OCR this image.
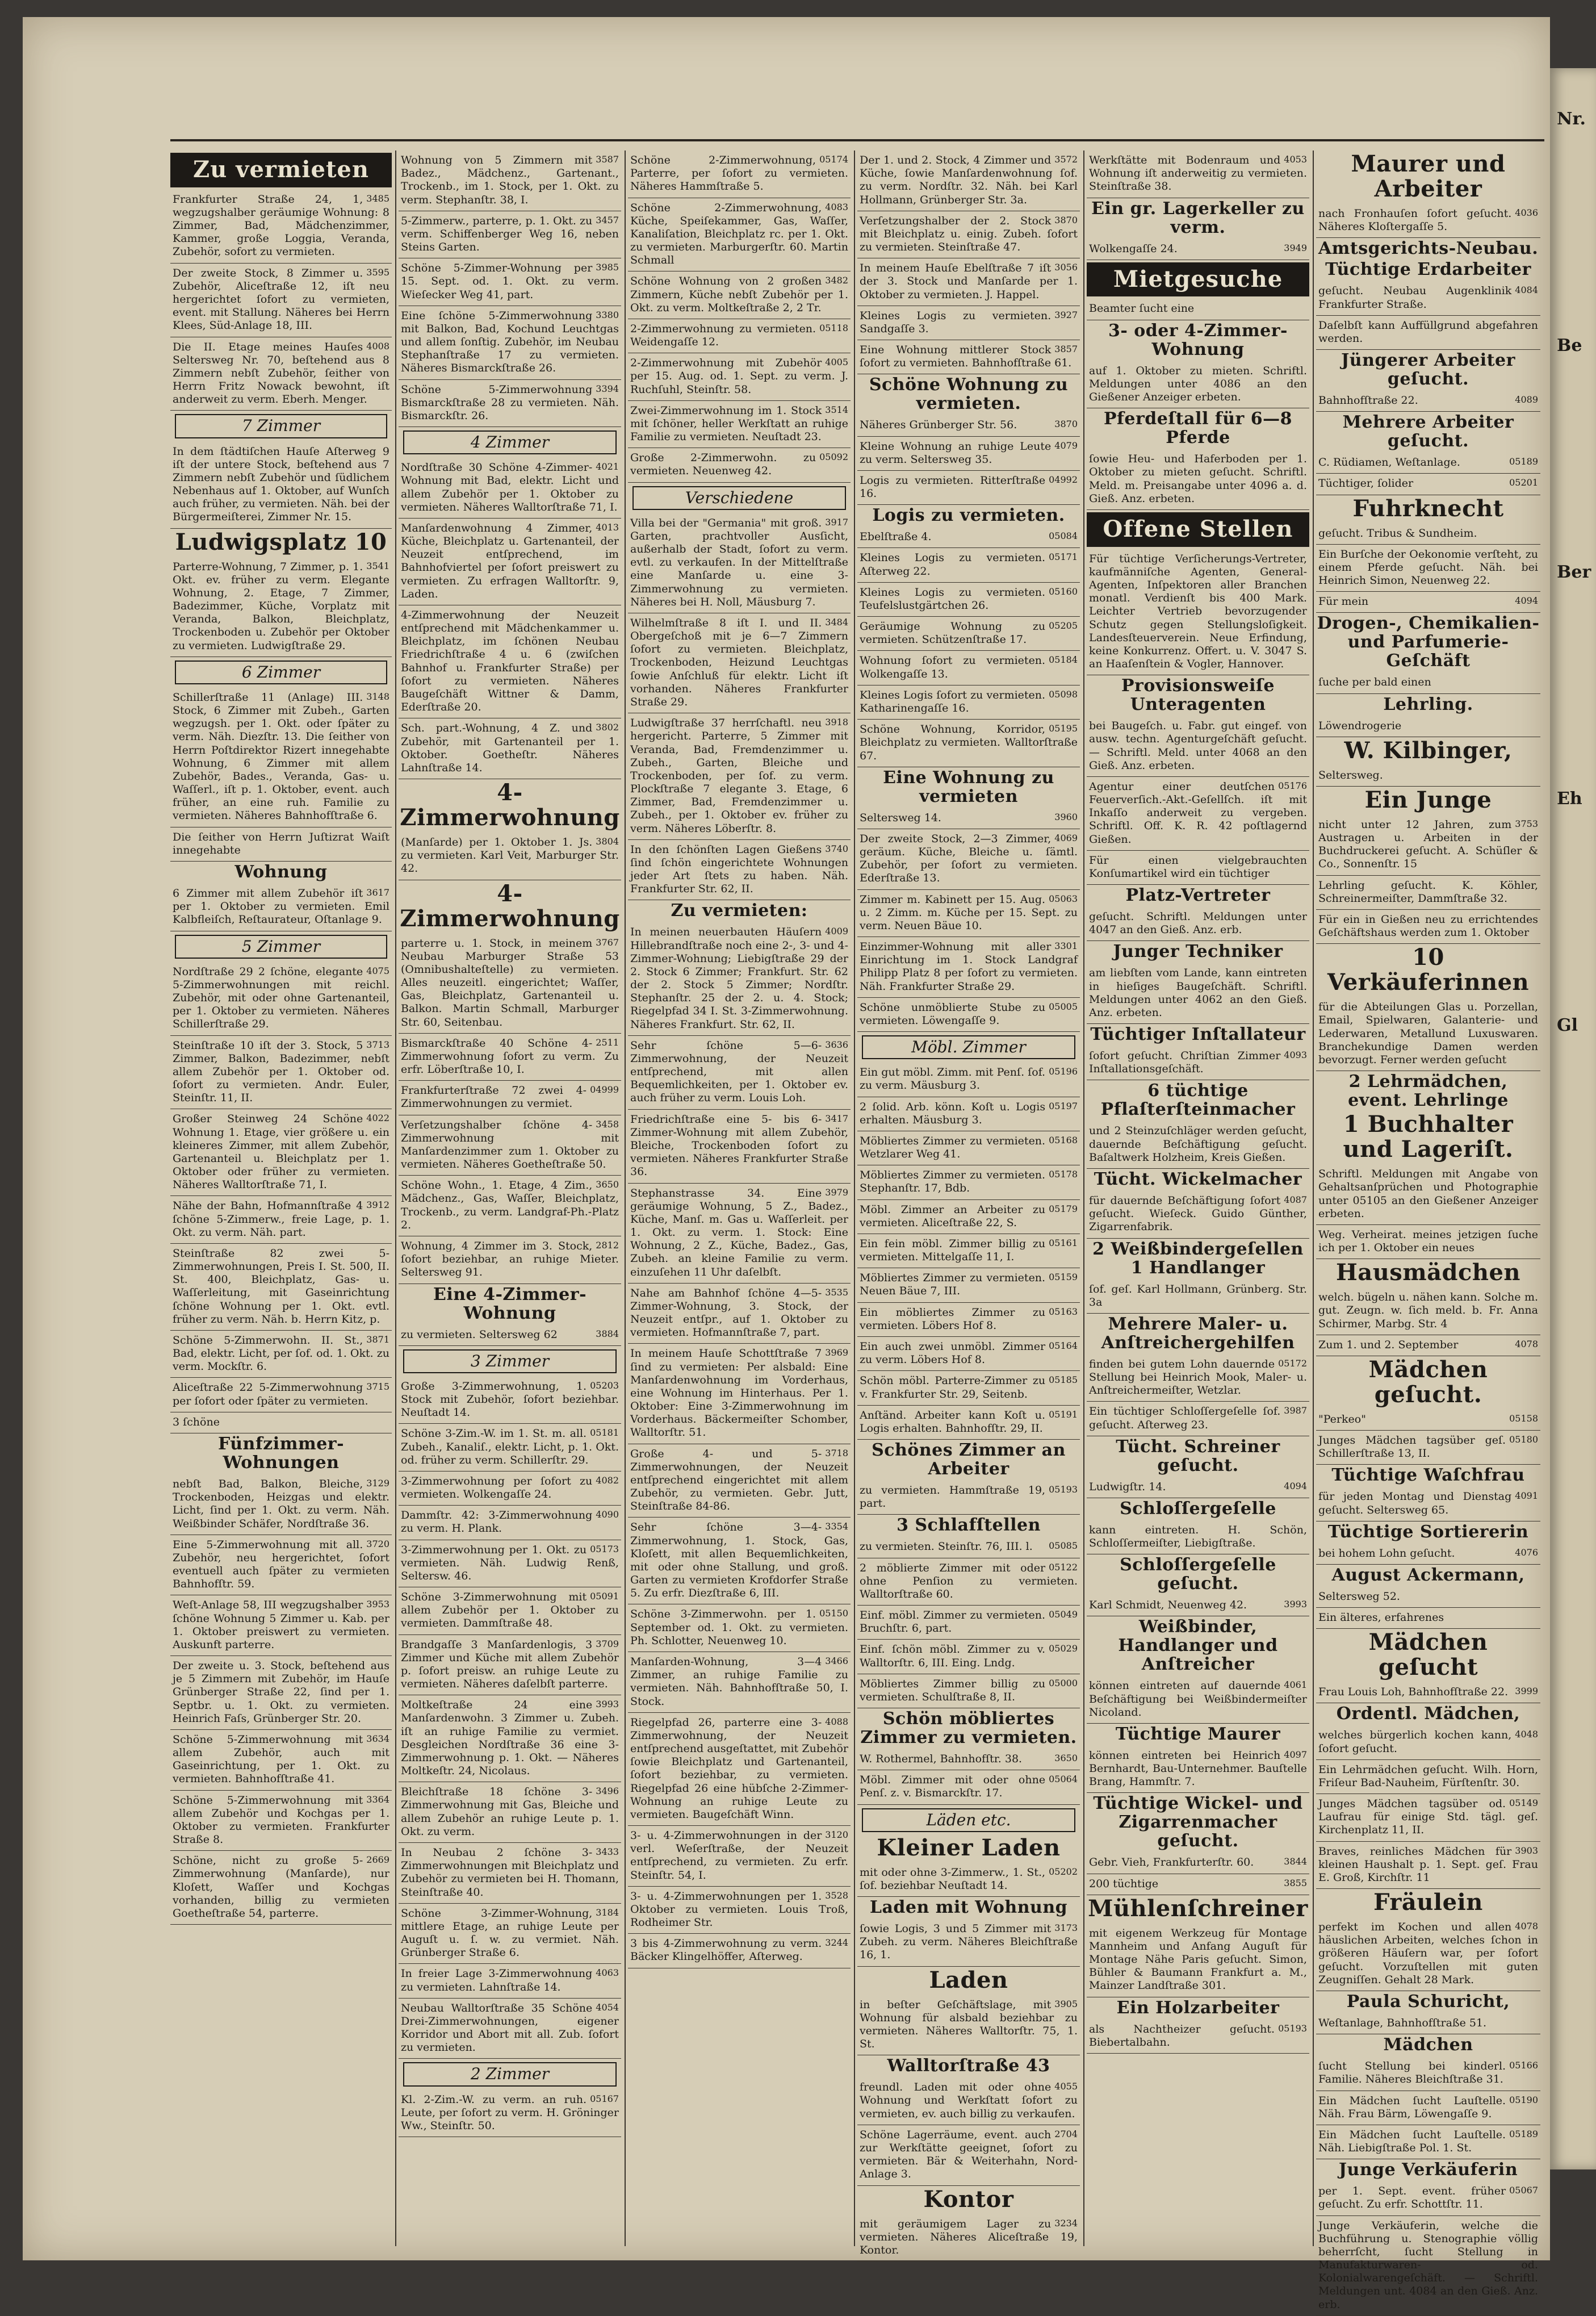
Zu vermieten
3485
Frankfurter Straße 24, 1, wegzugshalber geräumige Wohnung: 8 Zimmer, Bad, Mädchenzimmer, Kammer, große Loggia, Veranda, Zubehör, sofort zu vermieten.
3595
Der zweite Stock, 8 Zimmer u. Zubehör, Aliceſtraße 12, iſt neu hergerichtet ſofort zu vermieten, event. mit Stallung. Näheres bei Herrn Klees, Süd-Anlage 18, III.
4008
Die II. Etage meines Hauſes Seltersweg Nr. 70, beſtehend aus 8 Zimmern nebſt Zubehör, ſeither von Herrn Fritz Nowack bewohnt, iſt anderweit zu verm. Eberh. Menger.
7 Zimmer
In dem ſtädtiſchen Hauſe Aſterweg 9 iſt der untere Stock, beſtehend aus 7 Zimmern nebſt Zubehör und ſüdlichem Nebenhaus auf 1. Oktober, auf Wunſch auch früher, zu vermieten. Näh. bei der Bürgermeiſterei, Zimmer Nr. 15.
Ludwigsplatz 10
3541
Parterre-Wohnung, 7 Zimmer, p. 1. Okt. ev. früher zu verm. Elegante Wohnung, 2. Etage, 7 Zimmer, Badezimmer, Küche, Vorplatz mit Veranda, Balkon, Bleichplatz, Trockenboden u. Zubehör per Oktober zu vermieten. Ludwigſtraße 29.
6 Zimmer
3148
Schillerſtraße 11 (Anlage) III. Stock, 6 Zimmer mit Zubeh., Garten wegzugsh. per 1. Okt. oder ſpäter zu verm. Näh. Diezſtr. 13. Die ſeither von Herrn Poſtdirektor Rizert innegehabte Wohnung, 6 Zimmer mit allem Zubehör, Bades., Veranda, Gas- u. Waſſerl., iſt p. 1. Oktober, event. auch früher, an eine ruh. Familie zu vermieten. Näheres Bahnhofſtraße 6.
Die ſeither von Herrn Juſtizrat Waiſt innegehabte
Wohnung
3617
6 Zimmer mit allem Zubehör iſt per 1. Oktober zu vermieten. Emil Kalbfleiſch, Reſtaurateur, Oſtanlage 9.
5 Zimmer
4075
Nordſtraße 29 2 ſchöne, elegante 5-Zimmerwohnungen mit reichl. Zubehör, mit oder ohne Gartenanteil, per 1. Oktober zu vermieten. Näheres Schillerſtraße 29.
3713
Steinſtraße 10 iſt der 3. Stock, 5 Zimmer, Balkon, Badezimmer, nebſt allem Zubehör per 1. Oktober od. ſofort zu vermieten. Andr. Euler, Steinſtr. 11, II.
4022
Großer Steinweg 24 Schöne Wohnung 1. Etage, vier größere u. ein kleineres Zimmer, mit allem Zubehör, Gartenanteil u. Bleichplatz per 1. Oktober oder früher zu vermieten. Näheres Walltorſtraße 71, I.
3912
Nähe der Bahn, Hofmannſtraße 4 ſchöne 5-Zimmerw., freie Lage, p. 1. Okt. zu verm. Näh. part.
Steinſtraße 82 zwei 5-Zimmerwohnungen, Preis I. St. 500, II. St. 400, Bleichplatz, Gas- u. Waſſerleitung, mit Gaseinrichtung ſchöne Wohnung per 1. Okt. evtl. früher zu verm. Näh. b. Herrn Kitz, p.
3871
Schöne 5-Zimmerwohn. II. St., Bad, elektr. Licht, per ſof. od. 1. Okt. zu verm. Mockſtr. 6.
3715
Aliceſtraße 22 5-Zimmerwohnung per ſofort oder ſpäter zu vermieten.
3 ſchöne
Fünfzimmer-Wohnungen
3129
nebſt Bad, Balkon, Bleiche, Trockenboden, Heizgas und elektr. Licht, ſind per 1. Okt. zu verm. Näh. Weißbinder Schäfer, Nordſtraße 36.
3720
Eine 5-Zimmerwohnung mit all. Zubehör, neu hergerichtet, ſofort eventuell auch ſpäter zu vermieten Bahnhofſtr. 59.
3953
Weſt-Anlage 58, III wegzugshalber ſchöne Wohnung 5 Zimmer u. Kab. per 1. Oktober preiswert zu vermieten. Auskunft parterre.
Der zweite u. 3. Stock, beſtehend aus je 5 Zimmern mit Zubehör, im Hauſe Grünberger Straße 22, ſind per 1. Septbr. u. 1. Okt. zu vermieten. Heinrich Faſs, Grünberger Str. 20.
3634
Schöne 5-Zimmerwohnung mit allem Zubehör, auch mit Gaseinrichtung, per 1. Okt. zu vermieten. Bahnhofſtraße 41.
3364
Schöne 5-Zimmerwohnung mit allem Zubehör und Kochgas per 1. Oktober zu vermieten. Frankfurter Straße 8.
2669
Schöne, nicht zu große 5-Zimmerwohnung (Manſarde), nur Kloſett, Waſſer und Kochgas vorhanden, billig zu vermieten Goetheſtraße 54, parterre.
3587
Wohnung von 5 Zimmern mit Badez., Mädchenz., Gartenant., Trockenb., im 1. Stock, per 1. Okt. zu verm. Stephanſtr. 38, I.
3457
5-Zimmerw., parterre, p. 1. Okt. zu verm. Schiffenberger Weg 16, neben Steins Garten.
3985
Schöne 5-Zimmer-Wohnung per 15. Sept. od. 1. Okt. zu verm. Wieſecker Weg 41, part.
3380
Eine ſchöne 5-Zimmerwohnung mit Balkon, Bad, Kochund Leuchtgas und allem ſonſtig. Zubehör, im Neubau Stephanſtraße 17 zu vermieten. Näheres Bismarckſtraße 26.
3394
Schöne 5-Zimmerwohnung Bismarckſtraße 28 zu vermieten. Näh. Bismarckſtr. 26.
4 Zimmer
4021
Nordſtraße 30 Schöne 4-Zimmer-Wohnung mit Bad, elektr. Licht und allem Zubehör per 1. Oktober zu vermieten. Näheres Walltorſtraße 71, I.
4013
Manſardenwohnung 4 Zimmer, Küche, Bleichplatz u. Gartenanteil, der Neuzeit entſprechend, im Bahnhofviertel per ſofort preiswert zu vermieten. Zu erfragen Walltorſtr. 9, Laden.
4-Zimmerwohnung der Neuzeit entſprechend mit Mädchenkammer u. Bleichplatz, im ſchönen Neubau Friedrichſtraße 4 u. 6 (zwiſchen Bahnhof u. Frankfurter Straße) per ſofort zu vermieten. Näheres Baugeſchäft Wittner & Damm, Ederſtraße 20.
3802
Sch. part.-Wohnung, 4 Z. und Zubehör, mit Gartenanteil per 1. Oktober. Goetheſtr. Näheres Lahnſtraße 14.
4-Zimmerwohnung
3804
(Manſarde) per 1. Oktober 1. Js. zu vermieten. Karl Veit, Marburger Str. 42.
4-Zimmerwohnung
3767
parterre u. 1. Stock, in meinem Neubau Marburger Straße 53 (Omnibushalteſtelle) zu vermieten. Alles neuzeitl. eingerichtet; Waſſer, Gas, Bleichplatz, Gartenanteil u. Balkon. Martin Schmall, Marburger Str. 60, Seitenbau.
2511
Bismarckſtraße 40 Schöne 4-Zimmerwohnung ſofort zu verm. Zu erfr. Löberſtraße 10, I.
04999
Frankfurterſtraße 72 zwei 4-Zimmerwohnungen zu vermiet.
3458
Verſetzungshalber ſchöne 4-Zimmerwohnung mit Manſardenzimmer zum 1. Oktober zu vermieten. Näheres Goetheſtraße 50.
3650
Schöne Wohn., 1. Etage, 4 Zim., Mädchenz., Gas, Waſſer, Bleichplatz, Trockenb., zu verm. Landgraf-Ph.-Platz 2.
2812
Wohnung, 4 Zimmer im 3. Stock, ſofort beziehbar, an ruhige Mieter. Seltersweg 91.
Eine 4-Zimmer-Wohnung
3884
zu vermieten. Seltersweg 62
3 Zimmer
05203
Große 3-Zimmerwohnung, 1. Stock mit Zubehör, ſofort beziehbar. Neuſtadt 14.
05181
Schöne 3-Zim.-W. im 1. St. m. all. Zubeh., Kanaliſ., elektr. Licht, p. 1. Okt. od. früher zu verm. Schillerſtr. 29.
4082
3-Zimmerwohnung per ſofort zu vermieten. Wolkengaſſe 24.
4090
Dammſtr. 42: 3-Zimmerwohnung zu verm. H. Plank.
05173
3-Zimmerwohnung per 1. Okt. zu vermieten. Näh. Ludwig Renß, Seltersw. 46.
05091
Schöne 3-Zimmerwohnung mit allem Zubehör per 1. Oktober zu vermieten. Dammſtraße 48.
3709
Brandgaſſe 3 Manſardenlogis, 3 Zimmer und Küche mit allem Zubehör p. ſofort preisw. an ruhige Leute zu vermieten. Näheres daſelbſt parterre.
3993
Moltkeſtraße 24 eine Manſardenwohn. 3 Zimmer u. Zubeh. iſt an ruhige Familie zu vermiet. Desgleichen Nordſtraße 36 eine 3-Zimmerwohnung p. 1. Okt. — Näheres Moltkeſtr. 24, Nicolaus.
3496
Bleichſtraße 18 ſchöne 3-Zimmerwohnung mit Gas, Bleiche und allem Zubehör an ruhige Leute p. 1. Okt. zu verm.
3433
In Neubau 2 ſchöne 3-Zimmerwohnungen mit Bleichplatz und Zubehör zu vermieten bei H. Thomann, Steinſtraße 40.
3184
Schöne 3-Zimmer-Wohnung, mittlere Etage, an ruhige Leute per Auguſt u. ſ. w. zu vermiet. Näh. Grünberger Straße 6.
4063
In freier Lage 3-Zimmerwohnung zu vermieten. Lahnſtraße 14.
4054
Neubau Walltorſtraße 35 Schöne Drei-Zimmerwohnungen, eigener Korridor und Abort mit all. Zub. ſofort zu vermieten.
2 Zimmer
05167
Kl. 2-Zim.-W. zu verm. an ruh. Leute, per ſofort zu verm. H. Gröninger Ww., Steinſtr. 50.
05174
Schöne 2-Zimmerwohnung, Parterre, per ſofort zu vermieten. Näheres Hammſtraße 5.
4083
Schöne 2-Zimmerwohnung, Küche, Speiſekammer, Gas, Waſſer, Kanaliſation, Bleichplatz rc. per 1. Okt. zu vermieten. Marburgerſtr. 60. Martin Schmall
3482
Schöne Wohnung von 2 großen Zimmern, Küche nebſt Zubehör per 1. Okt. zu verm. Moltkeſtraße 2, 2 Tr.
05118
2-Zimmerwohnung zu vermieten. Weidengaſſe 12.
4005
2-Zimmerwohnung mit Zubehör per 15. Aug. od. 1. Sept. zu verm. J. Ruchſuhl, Steinſtr. 58.
3514
Zwei-Zimmerwohnung im 1. Stock mit ſchöner, heller Werkſtatt an ruhige Familie zu vermieten. Neuſtadt 23.
05092
Große 2-Zimmerwohn. zu vermieten. Neuenweg 42.
Verschiedene
3917
Villa bei der "Germania" mit groß. Garten, prachtvoller Ausſicht, außerhalb der Stadt, ſofort zu verm. evtl. zu verkaufen. In der Mittelſtraße eine Manſarde u. eine 3-Zimmerwohnung zu vermieten. Näheres bei H. Noll, Mäusburg 7.
3484
Wilhelmſtraße 8 iſt I. und II. Obergeſchoß mit je 6—7 Zimmern ſofort zu vermieten. Bleichplatz, Trockenboden, Heizund Leuchtgas ſowie Anſchluß für elektr. Licht iſt vorhanden. Näheres Frankfurter Straße 29.
3918
Ludwigſtraße 37 herrſchaftl. neu hergericht. Parterre, 5 Zimmer mit Veranda, Bad, Fremdenzimmer u. Zubeh., Garten, Bleiche und Trockenboden, per ſof. zu verm. Plockſtraße 7 elegante 3. Etage, 6 Zimmer, Bad, Fremdenzimmer u. Zubeh., per 1. Oktober ev. früher zu verm. Näheres Löberſtr. 8.
3740
In den ſchönſten Lagen Gießens ſind ſchön eingerichtete Wohnungen jeder Art ſtets zu haben. Näh. Frankfurter Str. 62, II.
Zu vermieten:
4009
In meinen neuerbauten Häuſern Hillebrandſtraße noch eine 2-, 3- und 4-Zimmer-Wohnung; Liebigſtraße 29 der 2. Stock 6 Zimmer; Frankfurt. Str. 62 der 2. Stock 5 Zimmer; Nordſtr. Stephanſtr. 25 der 2. u. 4. Stock; Riegelpfad 34 I. St. 3-Zimmerwohnung. Näheres Frankfurt. Str. 62, II.
3636
Sehr ſchöne 5—6-Zimmerwohnung, der Neuzeit entſprechend, mit allen Bequemlichkeiten, per 1. Oktober ev. auch früher zu verm. Louis Loh.
3417
Friedrichſtraße eine 5- bis 6-Zimmer-Wohnung mit allem Zubehör, Bleiche, Trockenboden ſofort zu vermieten. Näheres Frankfurter Straße 36.
3979
Stephanstrasse 34. Eine geräumige Wohnung, 5 Z., Badez., Küche, Manſ. m. Gas u. Waſſerleit. per 1. Okt. zu verm. 1. Stock: Eine Wohnung, 2 Z., Küche, Badez., Gas, Zubeh. an kleine Familie zu verm. einzuſehen 11 Uhr daſelbſt.
3535
Nahe am Bahnhof ſchöne 4—5-Zimmer-Wohnung, 3. Stock, der Neuzeit entſpr., auf 1. Oktober zu vermieten. Hofmannſtraße 7, part.
3969
In meinem Hauſe Schottſtraße 7 ſind zu vermieten: Per alsbald: Eine Manſardenwohnung im Vorderhaus, eine Wohnung im Hinterhaus. Per 1. Oktober: Eine 3-Zimmerwohnung im Vorderhaus. Bäckermeiſter Schomber, Walltorſtr. 51.
3718
Große 4- und 5-Zimmerwohnungen, der Neuzeit entſprechend eingerichtet mit allem Zubehör, zu vermieten. Gebr. Jutt, Steinſtraße 84-86.
3354
Sehr ſchöne 3—4-Zimmerwohnung, 1. Stock, Gas, Kloſett, mit allen Bequemlichkeiten, mit oder ohne Stallung, und groß. Garten zu vermieten Krofdorfer Straße 5. Zu erfr. Diezſtraße 6, III.
05150
Schöne 3-Zimmerwohn. per 1. September od. 1. Okt. zu vermieten. Ph. Schlotter, Neuenweg 10.
3466
Manſarden-Wohnung, 3—4 Zimmer, an ruhige Familie zu vermieten. Näh. Bahnhofſtraße 50, I. Stock.
4088
Riegelpfad 26, parterre eine 3-Zimmerwohnung, der Neuzeit entſprechend ausgeſtattet, mit Zubehör ſowie Bleichplatz und Gartenanteil, ſofort beziehbar, zu vermieten. Riegelpfad 26 eine hübſche 2-Zimmer-Wohnung an ruhige Leute zu vermieten. Baugeſchäft Winn.
3120
3- u. 4-Zimmerwohnungen in der verl. Weſerſtraße, der Neuzeit entſprechend, zu vermieten. Zu erfr. Steinſtr. 54, I.
3528
3- u. 4-Zimmerwohnungen per 1. Oktober zu vermieten. Louis Troß, Rodheimer Str.
3244
3 bis 4-Zimmerwohnung zu verm. Bäcker Klingelhöffer, Aſterweg.
3572
Der 1. und 2. Stock, 4 Zimmer und Küche, ſowie Manſardenwohnung ſof. zu verm. Nordſtr. 32. Näh. bei Karl Hollmann, Grünberger Str. 3a.
3870
Verſetzungshalber der 2. Stock mit Bleichplatz u. einig. Zubeh. ſofort zu vermieten. Steinſtraße 47.
3056
In meinem Hauſe Ebelſtraße 7 iſt der 3. Stock und Manſarde per 1. Oktober zu vermieten. J. Happel.
3927
Kleines Logis zu vermieten. Sandgaſſe 3.
3857
Eine Wohnung mittlerer Stock ſofort zu vermieten. Bahnhofſtraße 61.
Schöne Wohnung zu vermieten.
3870
Näheres Grünberger Str. 56.
4079
Kleine Wohnung an ruhige Leute zu verm. Seltersweg 35.
04992
Logis zu vermieten. Ritterſtraße 16.
Logis zu vermieten.
05084
Ebelſtraße 4.
05171
Kleines Logis zu vermieten. Aſterweg 22.
05160
Kleines Logis zu vermieten. Teufelslustgärtchen 26.
05205
Geräumige Wohnung zu vermieten. Schützenſtraße 17.
05184
Wohnung ſofort zu vermieten. Wolkengaſſe 13.
05098
Kleines Logis ſofort zu vermieten. Katharinengaſſe 16.
05195
Schöne Wohnung, Korridor, Bleichplatz zu vermieten. Walltorſtraße 67.
Eine Wohnung zu vermieten
3960
Seltersweg 14.
4069
Der zweite Stock, 2—3 Zimmer, geräum. Küche, Bleiche u. ſämtl. Zubehör, per ſofort zu vermieten. Ederſtraße 13.
05063
Zimmer m. Kabinett per 15. Aug. u. 2 Zimm. m. Küche per 15. Sept. zu verm. Neuen Bäue 10.
3301
Einzimmer-Wohnung mit aller Einrichtung im 1. Stock Landgraf Philipp Platz 8 per ſofort zu vermieten. Näh. Frankfurter Straße 29.
05005
Schöne unmöblierte Stube zu vermieten. Löwengaſſe 9.
Möbl. Zimmer
05196
Ein gut möbl. Zimm. mit Penſ. ſof. zu verm. Mäusburg 3.
05197
2 ſolid. Arb. könn. Koſt u. Logis erhalten. Mäusburg 3.
05168
Möbliertes Zimmer zu vermieten. Wetzlarer Weg 41.
05178
Möbliertes Zimmer zu vermieten. Stephanſtr. 17, Bdb.
05179
Möbl. Zimmer an Arbeiter zu vermieten. Aliceſtraße 22, S.
05161
Ein fein möbl. Zimmer billig zu vermieten. Mittelgaſſe 11, I.
05159
Möbliertes Zimmer zu vermieten. Neuen Bäue 7, III.
05163
Ein möbliertes Zimmer zu vermieten. Löbers Hof 8.
05164
Ein auch zwei unmöbl. Zimmer zu verm. Löbers Hof 8.
05185
Schön möbl. Parterre-Zimmer zu v. Frankfurter Str. 29, Seitenb.
05191
Anſtänd. Arbeiter kann Koſt u. Logis erhalten. Bahnhofſtr. 29, II.
Schönes Zimmer an Arbeiter
05193
zu vermieten. Hammſtraße 19, part.
3 Schlafſtellen
05085
zu vermieten. Steinſtr. 76, III. l.
05122
2 möblierte Zimmer mit oder ohne Penſion zu vermieten. Walltorſtraße 60.
05049
Einf. möbl. Zimmer zu vermieten. Bruchſtr. 6, part.
05029
Einf. ſchön möbl. Zimmer zu v. Walltorſtr. 6, III. Eing. Lndg.
05000
Möbliertes Zimmer billig zu vermieten. Schulſtraße 8, II.
Schön möbliertes Zimmer zu vermieten.
3650
W. Rothermel, Bahnhofſtr. 38.
05064
Möbl. Zimmer mit oder ohne Penſ. z. v. Bismarckſtr. 17.
Läden etc.
Kleiner Laden
05202
mit oder ohne 3-Zimmerw., 1. St., ſof. beziehbar Neuſtadt 14.
Laden mit Wohnung
3173
ſowie Logis, 3 und 5 Zimmer mit Zubeh. zu verm. Näheres Bleichſtraße 16, 1.
Laden
3905
in beſter Geſchäftslage, mit Wohnung für alsbald beziehbar zu vermieten. Näheres Walltorſtr. 75, 1. St.
Walltorſtraße 43
4055
freundl. Laden mit oder ohne Wohnung und Werkſtatt ſofort zu vermieten, ev. auch billig zu verkaufen.
2704
Schöne Lagerräume, event. auch zur Werkſtätte geeignet, ſofort zu vermieten. Bär & Weiterhahn, Nord-Anlage 3.
Kontor
3234
mit geräumigem Lager zu vermieten. Näheres Aliceſtraße 19, Kontor.
4053
Werkſtätte mit Bodenraum und Wohnung iſt anderweitig zu vermieten. Steinſtraße 38.
Ein gr. Lagerkeller zu verm.
3949
Wolkengaſſe 24.
Mietgesuche
Beamter ſucht eine
3- oder 4-Zimmer-Wohnung
auf 1. Oktober zu mieten. Schriftl. Meldungen unter 4086 an den Gießener Anzeiger erbeten.
Pferdeſtall für 6—8 Pferde
ſowie Heu- und Haferboden per 1. Oktober zu mieten geſucht. Schriftl. Meld. m. Preisangabe unter 4096 a. d. Gieß. Anz. erbeten.
Offene Stellen
Für tüchtige Verſicherungs-Vertreter, kaufmänniſche Agenten, General-Agenten, Inſpektoren aller Branchen monatl. Verdienſt bis 400 Mark. Leichter Vertrieb bevorzugender Schutz gegen Stellungsloſigkeit. Landesſteuerverein. Neue Erfindung, keine Konkurrenz. Offert. u. V. 3047 S. an Haaſenſtein & Vogler, Hannover.
Provisionsweiſe Unteragenten
bei Baugeſch. u. Fabr. gut eingef. von ausw. techn. Agenturgeſchäft geſucht. — Schriftl. Meld. unter 4068 an den Gieß. Anz. erbeten.
05176
Agentur einer deutſchen Feuerverſich.-Akt.-Geſellſch. iſt mit Inkaſſo anderweit zu vergeben. Schriftl. Off. K. R. 42 poſtlagernd Gießen.
Für einen vielgebrauchten Konſumartikel wird ein tüchtiger
Platz-Vertreter
geſucht. Schriftl. Meldungen unter 4047 an den Gieß. Anz. erb.
Junger Techniker
am liebſten vom Lande, kann eintreten in hieſiges Baugeſchäft. Schriftl. Meldungen unter 4062 an den Gieß. Anz. erbeten.
Tüchtiger Inſtallateur
4093
ſofort geſucht. Chriſtian Zimmer Inſtallationsgeſchäft.
6 tüchtige Pflaſterſteinmacher
und 2 Steinzuſchläger werden geſucht, dauernde Beſchäftigung geſucht. Baſaltwerk Holzheim, Kreis Gießen.
Tücht. Wickelmacher
4087
für dauernde Beſchäftigung ſofort geſucht. Wieſeck. Guido Günther, Zigarrenfabrik.
2 Weißbindergeſellen 1 Handlanger
ſof. geſ. Karl Hollmann, Grünberg. Str. 3a
Mehrere Maler- u. Anſtreichergehilfen
05172
finden bei gutem Lohn dauernde Stellung bei Heinrich Mook, Maler- u. Anſtreichermeiſter, Wetzlar.
3987
Ein tüchtiger Schloſſergeſelle ſof. geſucht. Aſterweg 23.
Tücht. Schreiner geſucht.
4094
Ludwigſtr. 14.
Schloſſergeſelle
kann eintreten. H. Schön, Schloſſermeiſter, Liebigſtraße.
Schloſſergeſelle geſucht.
3993
Karl Schmidt, Neuenweg 42.
Weißbinder, Handlanger und Anſtreicher
4061
können eintreten auf dauernde Beſchäftigung bei Weißbindermeiſter Nicoland.
Tüchtige Maurer
4097
können eintreten bei Heinrich Bernhardt, Bau-Unternehmer. Bauſtelle Brang, Hammſtr. 7.
Tüchtige Wickel- und Zigarrenmacher geſucht.
3844
Gebr. Vieh, Frankfurterſtr. 60.
3855
200 tüchtige
Mühlenſchreiner
mit eigenem Werkzeug für Montage Mannheim und Anfang Auguſt für Montage Nähe Paris geſucht. Simon, Bühler & Baumann Frankfurt a. M., Mainzer Landſtraße 301.
Ein Holzarbeiter
05193
als Nachtheizer geſucht. Biebertalbahn.
Maurer und Arbeiter
4036
nach Fronhauſen ſofort geſucht. Näheres Kloſtergaſſe 5.
Amtsgerichts-Neubau.
Tüchtige Erdarbeiter
4084
geſucht. Neubau Augenklinik Frankfurter Straße.
Daſelbſt kann Auffüllgrund abgefahren werden.
Jüngerer Arbeiter geſucht.
4089
Bahnhofſtraße 22.
Mehrere Arbeiter geſucht.
05189
C. Rüdiamen, Weſtanlage.
05201
Tüchtiger, ſolider
Fuhrknecht
geſucht. Tribus & Sundheim.
Ein Burſche der Oekonomie verſteht, zu einem Pferde geſucht. Näh. bei Heinrich Simon, Neuenweg 22.
4094
Für mein
Drogen-, Chemikalien- und Parfumerie-Geſchäft
ſuche per bald einen
Lehrling.
Löwendrogerie
W. Kilbinger,
Seltersweg.
Ein Junge
3753
nicht unter 12 Jahren, zum Austragen u. Arbeiten in der Buchdruckerei geſucht. A. Schüſler & Co., Sonnenſtr. 15
Lehrling geſucht. K. Köhler, Schreinermeiſter, Dammſtraße 32.
Für ein in Gießen neu zu errichtendes Geſchäftshaus werden zum 1. Oktober
10 Verkäuferinnen
für die Abteilungen Glas u. Porzellan, Email, Spielwaren, Galanterie- und Lederwaren, Metallund Luxuswaren. Branchekundige Damen werden bevorzugt. Ferner werden geſucht
2 Lehrmädchen, event. Lehrlinge
1 Buchhalter und Lageriſt.
Schriftl. Meldungen mit Angabe von Gehaltsanſprüchen und Photographie unter 05105 an den Gießener Anzeiger erbeten.
Weg. Verheirat. meines jetzigen ſuche ich per 1. Oktober ein neues
Hausmädchen
welch. bügeln u. nähen kann. Solche m. gut. Zeugn. w. ſich meld. b. Fr. Anna Schirmer, Marbg. Str. 4
4078
Zum 1. und 2. September
Mädchen geſucht.
05158
"Perkeo"
05180
Junges Mädchen tagsüber geſ. Schillerſtraße 13, II.
Tüchtige Waſchfrau
4091
für jeden Montag und Dienstag geſucht. Seltersweg 65.
Tüchtige Sortiererin
4076
bei hohem Lohn geſucht.
August Ackermann,
Seltersweg 52.
Ein älteres, erfahrenes
Mädchen geſucht
3999
Frau Louis Loh, Bahnhofſtraße 22.
Ordentl. Mädchen,
4048
welches bürgerlich kochen kann, ſofort geſucht.
Ein Lehrmädchen geſucht. Wilh. Horn, Friſeur Bad-Nauheim, Fürſtenſtr. 30.
05149
Junges Mädchen tagsüber od. Laufrau für einige Std. tägl. geſ. Kirchenplatz 11, II.
3903
Braves, reinliches Mädchen für kleinen Haushalt p. 1. Sept. geſ. Frau E. Groß, Kirchſtr. 11
Fräulein
4078
perfekt im Kochen und allen häuslichen Arbeiten, welches ſchon in größeren Häuſern war, per ſofort geſucht. Vorzuſtellen mit guten Zeugniſſen. Gehalt 28 Mark.
Paula Schuricht,
Weſtanlage, Bahnhofſtraße 51.
Mädchen
05166
ſucht Stellung bei kinderl. Familie. Näheres Bleichſtraße 31.
05190
Ein Mädchen ſucht Lauſtelle. Näh. Frau Bärm, Löwengaſſe 9.
05189
Ein Mädchen ſucht Lauſtelle. Näh. Liebigſtraße Pol. 1. St.
Junge Verkäuferin
05067
per 1. Sept. event. früher geſucht. Zu erfr. Schottſtr. 11.
Junge Verkäuferin, welche die Buchführung u. Stenographie völlig beherrſcht, ſucht Stellung in Manufakturwaren- od. Kolonialwarengeſchäft. — Schriftl. Meldungen unt. 4084 an den Gieß. Anz. erb.
Nr.
Be
Ber
Eh
Gl
